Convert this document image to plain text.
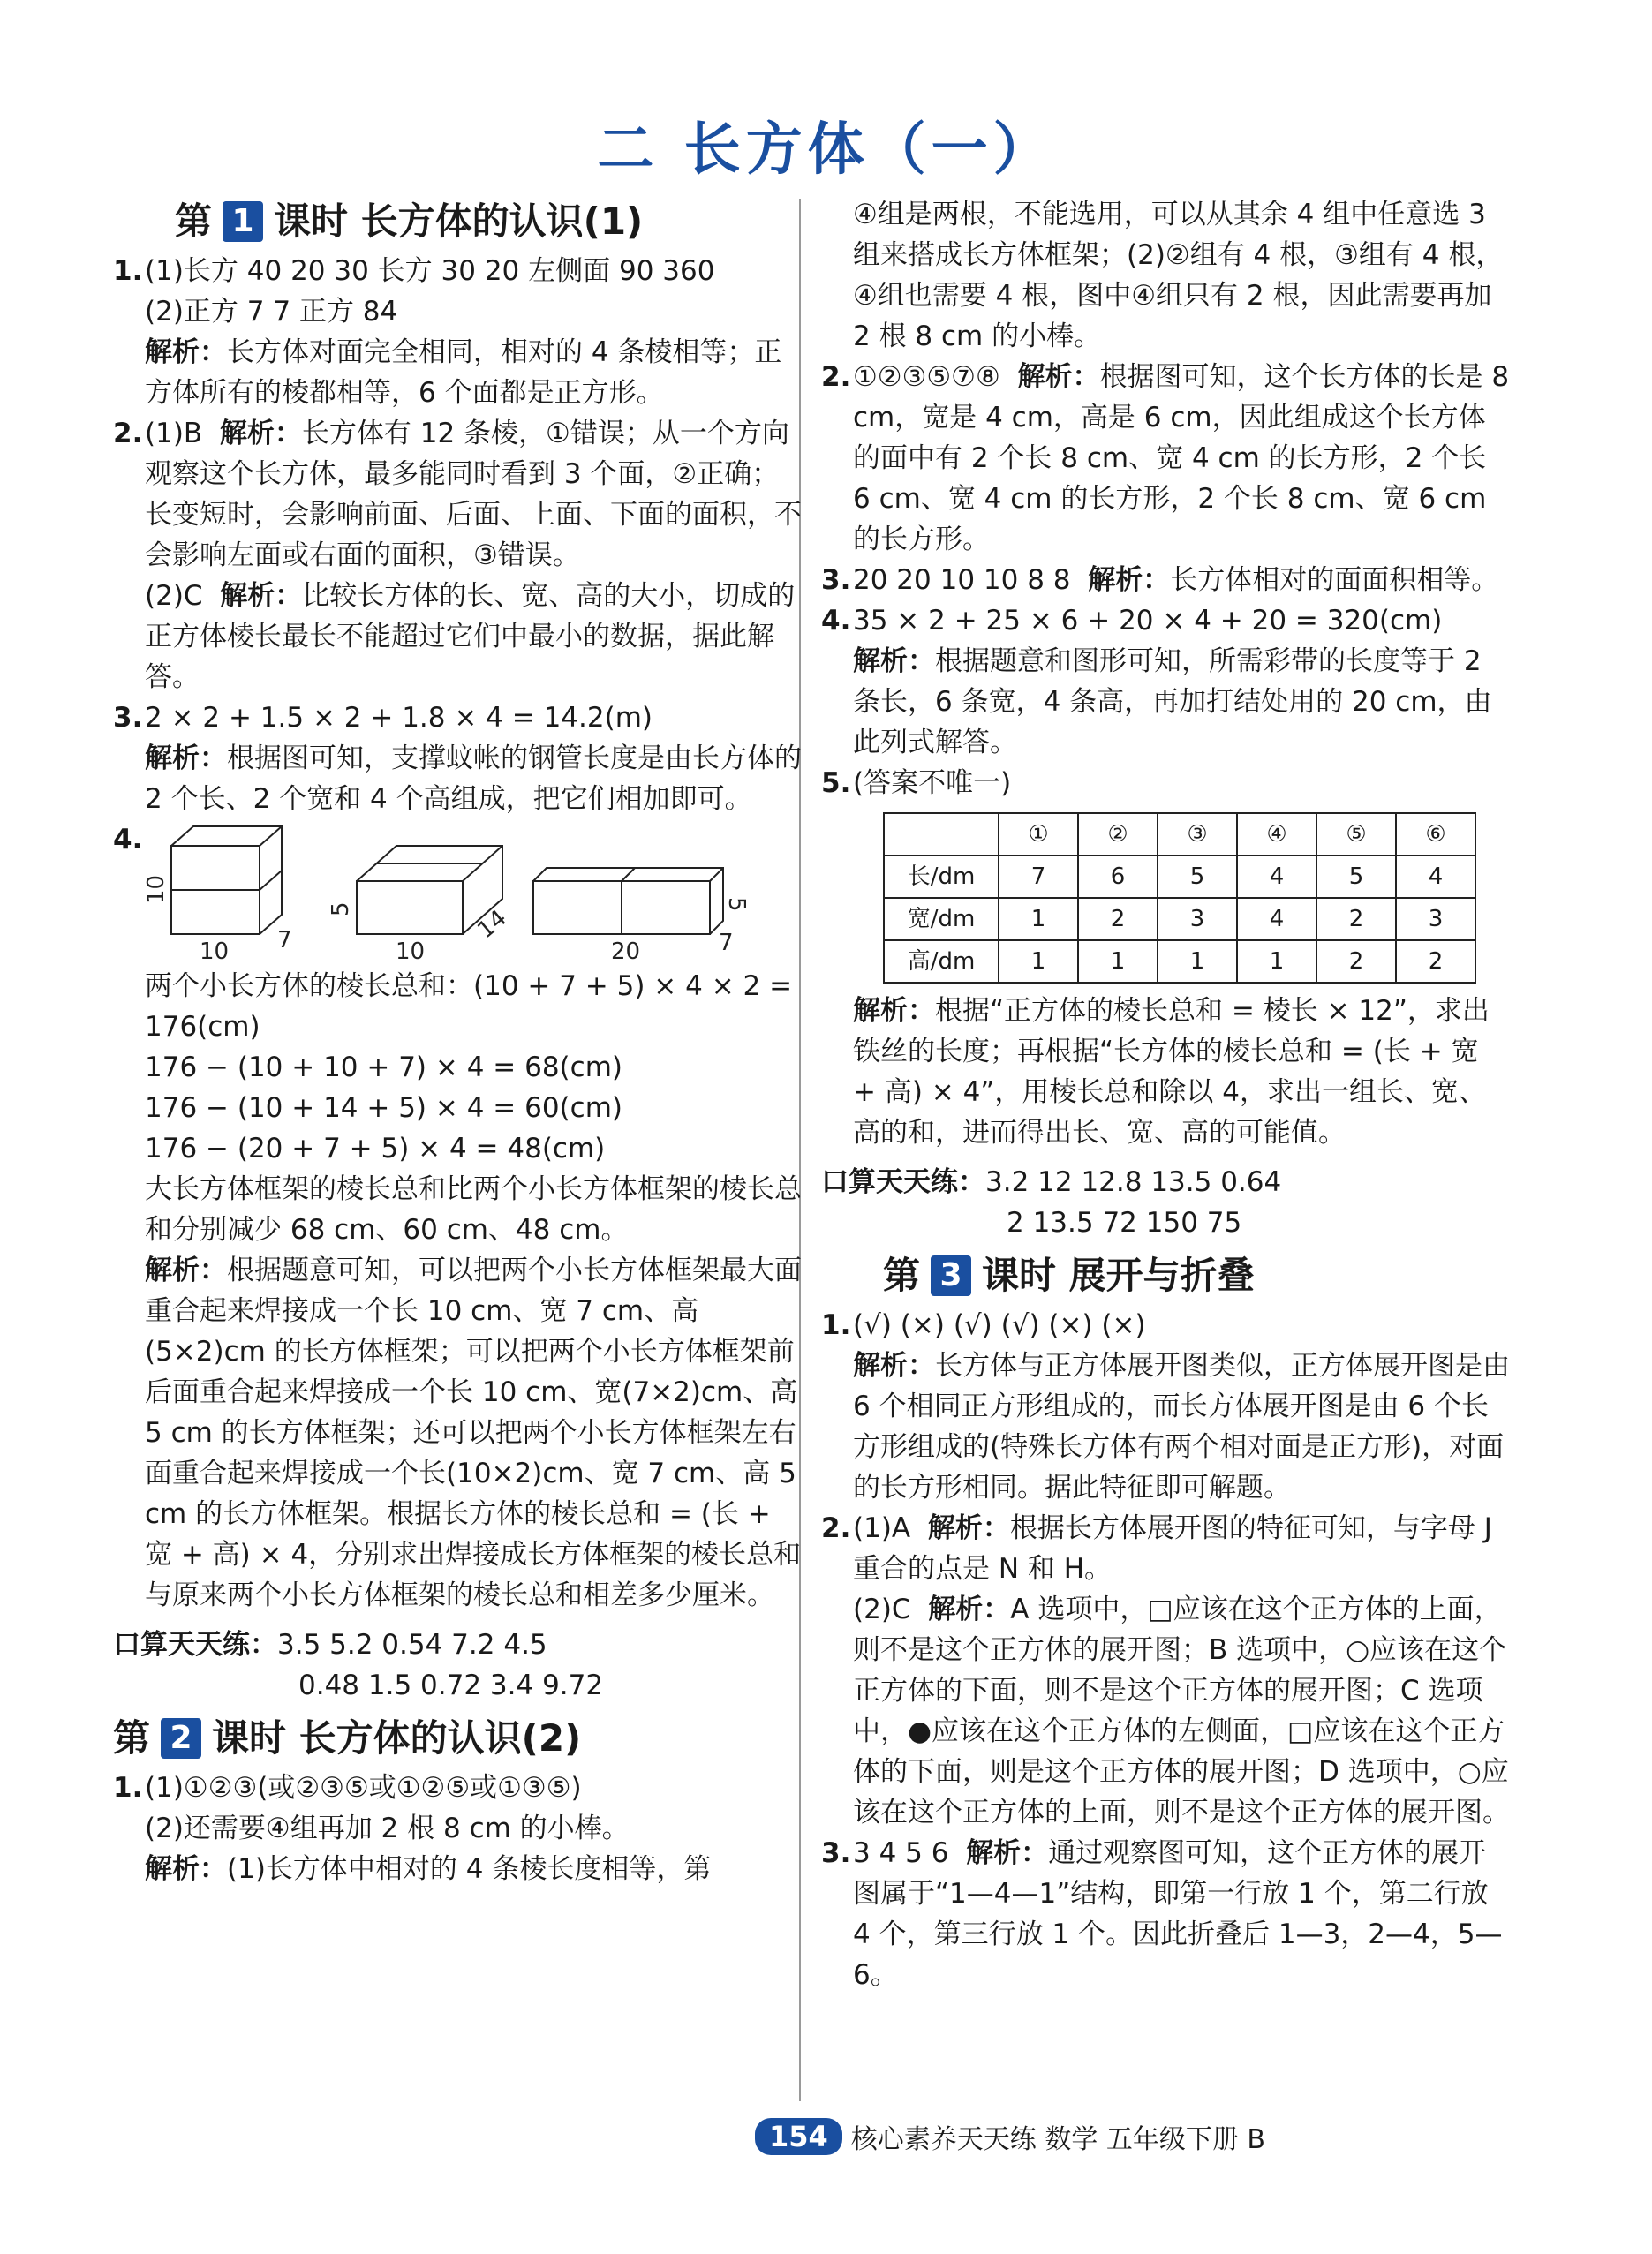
二 长方体（一）
第 1 课时 长方体的认识(1)
1. (1)长方 40 20 30 长方 30 20 左侧面 90 360

(2)正方 7 7 正方 84

解析：长方体对面完全相同，相对的 4 条棱相等；正方体所有的棱都相等，6 个面都是正方形。

2. (1)B 解析：长方体有 12 条棱，①错误；从一个方向观察这个长方体，最多能同时看到 3 个面，②正确；长变短时，会影响前面、后面、上面、下面的面积，不会影响左面或右面的面积，③错误。

(2)C 解析：比较长方体的长、宽、高的大小，切成的正方体棱长最长不能超过它们中最小的数据，据此解答。

3. 2 × 2 + 1.5 × 2 + 1.8 × 4 = 14.2(m)

解析：根据图可知，支撑蚊帐的钢管长度是由长方体的 2 个长、2 个宽和 4 个高组成，把它们相加即可。

4.
10
10 7
5
10
14
5
20	7

两个小长方体的棱长总和：(10 + 7 + 5) × 4 × 2 = 176(cm)

176 − (10 + 10 + 7) × 4 = 68(cm)

176 − (10 + 14 + 5) × 4 = 60(cm)

176 − (20 + 7 + 5) × 4 = 48(cm)

大长方体框架的棱长总和比两个小长方体框架的棱长总和分别减少 68 cm、60 cm、48 cm。

解析：根据题意可知，可以把两个小长方体框架最大面重合起来焊接成一个长 10 cm、宽 7 cm、高(5×2)cm 的长方体框架；可以把两个小长方体框架前后面重合起来焊接成一个长 10 cm、宽(7×2)cm、高 5 cm 的长方体框架；还可以把两个小长方体框架左右面重合起来焊接成一个长(10×2)cm、宽 7 cm、高 5 cm 的长方体框架。根据长方体的棱长总和 = (长 + 宽 + 高) × 4，分别求出焊接成长方体框架的棱长总和与原来两个小长方体框架的棱长总和相差多少厘米。

口算天天练：3.5 5.2 0.54 7.2 4.5

0.48 1.5 0.72 3.4 9.72

第 2 课时 长方体的认识(2)
1. (1)①②③(或②③⑤或①②⑤或①③⑤)

(2)还需要④组再加 2 根 8 cm 的小棒。

解析：(1)长方体中相对的 4 条棱长度相等，第

④组是两根，不能选用，可以从其余 4 组中任意选 3 组来搭成长方体框架；(2)②组有 4 根，③组有 4 根，④组也需要 4 根，图中④组只有 2 根，因此需要再加 2 根 8 cm 的小棒。

2. ①②③⑤⑦⑧ 解析：根据图可知，这个长方体的长是 8 cm，宽是 4 cm，高是 6 cm，因此组成这个长方体的面中有 2 个长 8 cm、宽 4 cm 的长方形，2 个长 6 cm、宽 4 cm 的长方形，2 个长 8 cm、宽 6 cm 的长方形。

3. 20 20 10 10 8 8 解析：长方体相对的面面积相等。

4. 35 × 2 + 25 × 6 + 20 × 4 + 20 = 320(cm)

解析：根据题意和图形可知，所需彩带的长度等于 2 条长，6 条宽，4 条高，再加打结处用的 20 cm，由此列式解答。

5. (答案不唯一)

	①	②	③	④	⑤	⑥
长/dm	7	6	5	4	5	4
宽/dm	1	2	3	4	2	3
高/dm	1	1	1	1	2	2

解析：根据“正方体的棱长总和 = 棱长 × 12”，求出铁丝的长度；再根据“长方体的棱长总和 = (长 + 宽 + 高) × 4”，用棱长总和除以 4，求出一组长、宽、高的和，进而得出长、宽、高的可能值。

口算天天练：3.2 12 12.8 13.5 0.64

2 13.5 72 150 75

第 3 课时 展开与折叠
1. (√) (×) (√) (√) (×) (×)

解析：长方体与正方体展开图类似，正方体展开图是由 6 个相同正方形组成的，而长方体展开图是由 6 个长方形组成的(特殊长方体有两个相对面是正方形)，对面的长方形相同。据此特征即可解题。

2. (1)A 解析：根据长方体展开图的特征可知，与字母 J 重合的点是 N 和 H。

(2)C 解析：A 选项中，□应该在这个正方体的上面，则不是这个正方体的展开图；B 选项中，○应该在这个正方体的下面，则不是这个正方体的展开图；C 选项中，●应该在这个正方体的左侧面，□应该在这个正方体的下面，则是这个正方体的展开图；D 选项中，○应该在这个正方体的上面，则不是这个正方体的展开图。

3. 3 4 5 6 解析：通过观察图可知，这个正方体的展开图属于“1—4—1”结构，即第一行放 1 个，第二行放 4 个，第三行放 1 个。因此折叠后 1—3，2—4，5—6。

154 核心素养天天练 数学 五年级下册 B
